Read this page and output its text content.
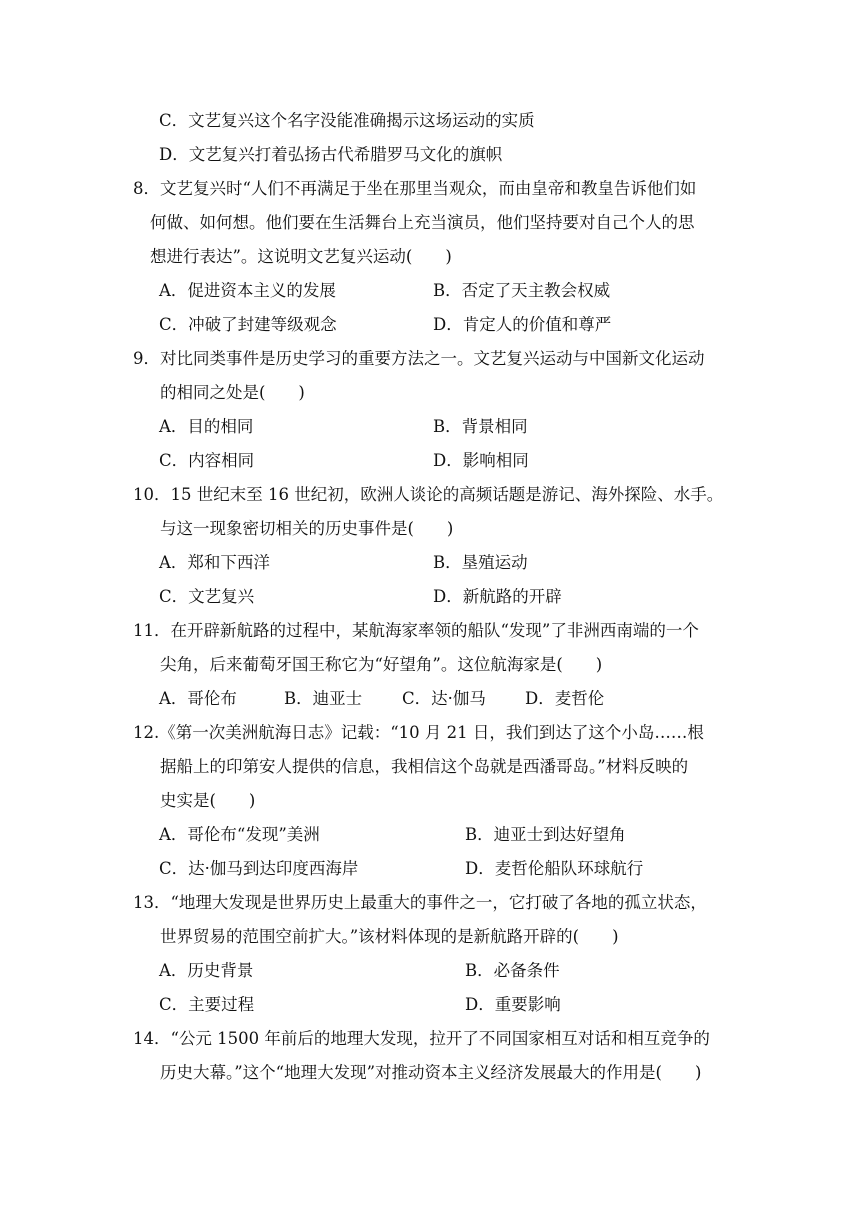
C．文艺复兴这个名字没能准确揭示这场运动的实质
D．文艺复兴打着弘扬古代希腊罗马文化的旗帜
8．文艺复兴时“人们不再满足于坐在那里当观众，而由皇帝和教皇告诉他们如
何做、如何想。他们要在生活舞台上充当演员，他们坚持要对自己个人的思
想进行表达”。这说明文艺复兴运动(　　)
A．促进资本主义的发展	B．否定了天主教会权威
C．冲破了封建等级观念	D．肯定人的价值和尊严
9．对比同类事件是历史学习的重要方法之一。文艺复兴运动与中国新文化运动
的相同之处是(　　)
A．目的相同	B．背景相同
C．内容相同	D．影响相同
10．15 世纪末至 16 世纪初，欧洲人谈论的高频话题是游记、海外探险、水手。
与这一现象密切相关的历史事件是(　　)
A．郑和下西洋	B．垦殖运动
C．文艺复兴	D．新航路的开辟
11．在开辟新航路的过程中，某航海家率领的船队“发现”了非洲西南端的一个
尖角，后来葡萄牙国王称它为“好望角”。这位航海家是(　　)
A．哥伦布	B．迪亚士 C．达·伽马 D．麦哲伦
12.《第一次美洲航海日志》记载：“10 月 21 日，我们到达了这个小岛……根
据船上的印第安人提供的信息，我相信这个岛就是西潘哥岛。”材料反映的
史实是(　　)
A．哥伦布“发现”美洲	B．迪亚士到达好望角
C．达·伽马到达印度西海岸	D．麦哲伦船队环球航行
13．“地理大发现是世界历史上最重大的事件之一，它打破了各地的孤立状态，
世界贸易的范围空前扩大。”该材料体现的是新航路开辟的(　　)
A．历史背景	B．必备条件
C．主要过程	D．重要影响
14．“公元 1500 年前后的地理大发现，拉开了不同国家相互对话和相互竞争的
历史大幕。”这个“地理大发现”对推动资本主义经济发展最大的作用是(　　)
